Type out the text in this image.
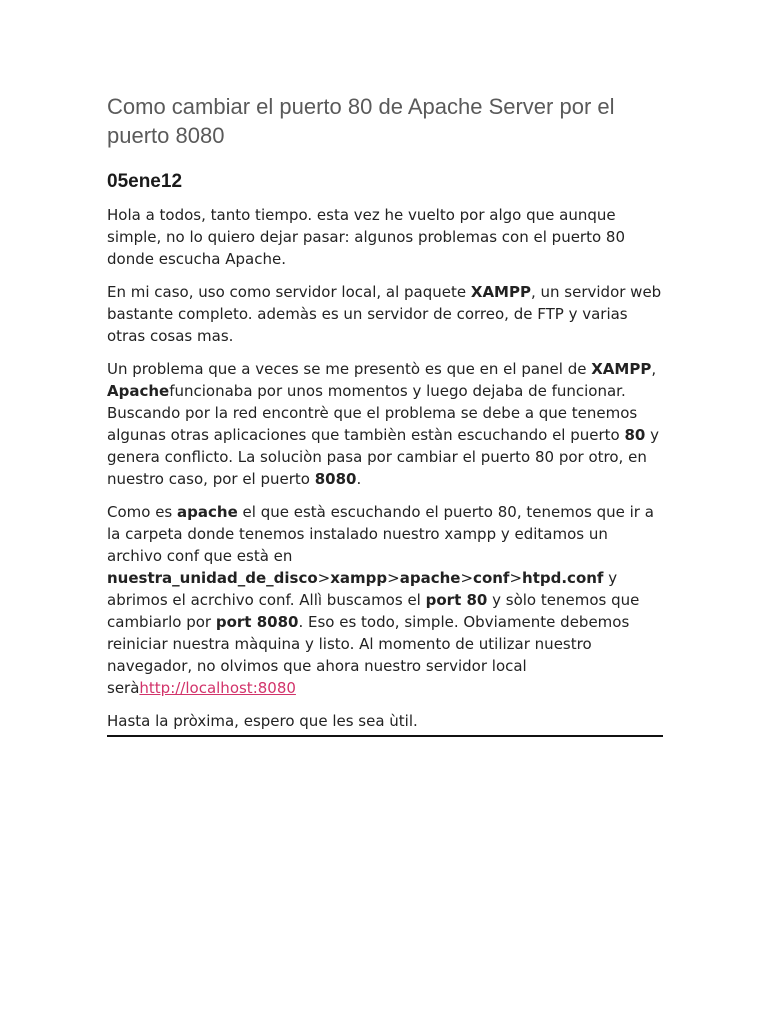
Como cambiar el puerto 80 de Apache Server por el puerto 8080
05ene12

Hola a todos, tanto tiempo. esta vez he vuelto por algo que aunque simple, no lo quiero dejar pasar: algunos problemas con el puerto 80 donde escucha Apache.

En mi caso, uso como servidor local, al paquete XAMPP, un servidor web bastante completo. ademàs es un servidor de correo, de FTP y varias otras cosas mas.

Un problema que a veces se me presentò es que en el panel de XAMPP, Apachefuncionaba por unos momentos y luego dejaba de funcionar. Buscando por la red encontrè que el problema se debe a que tenemos algunas otras aplicaciones que tambièn estàn escuchando el puerto 80 y genera conflicto. La soluciòn pasa por cambiar el puerto 80 por otro, en nuestro caso, por el puerto 8080.

Como es apache el que està escuchando el puerto 80, tenemos que ir a la carpeta donde tenemos instalado nuestro xampp y editamos un archivo conf que està en
nuestra_unidad_de_disco>xampp>apache>conf>htpd.conf y abrimos el acrchivo conf. Allì buscamos el port 80 y sòlo tenemos que cambiarlo por port 8080. Eso es todo, simple. Obviamente debemos reiniciar nuestra màquina y listo. Al momento de utilizar nuestro navegador, no olvimos que ahora nuestro servidor local seràhttp://localhost:8080

Hasta la pròxima, espero que les sea ùtil.
